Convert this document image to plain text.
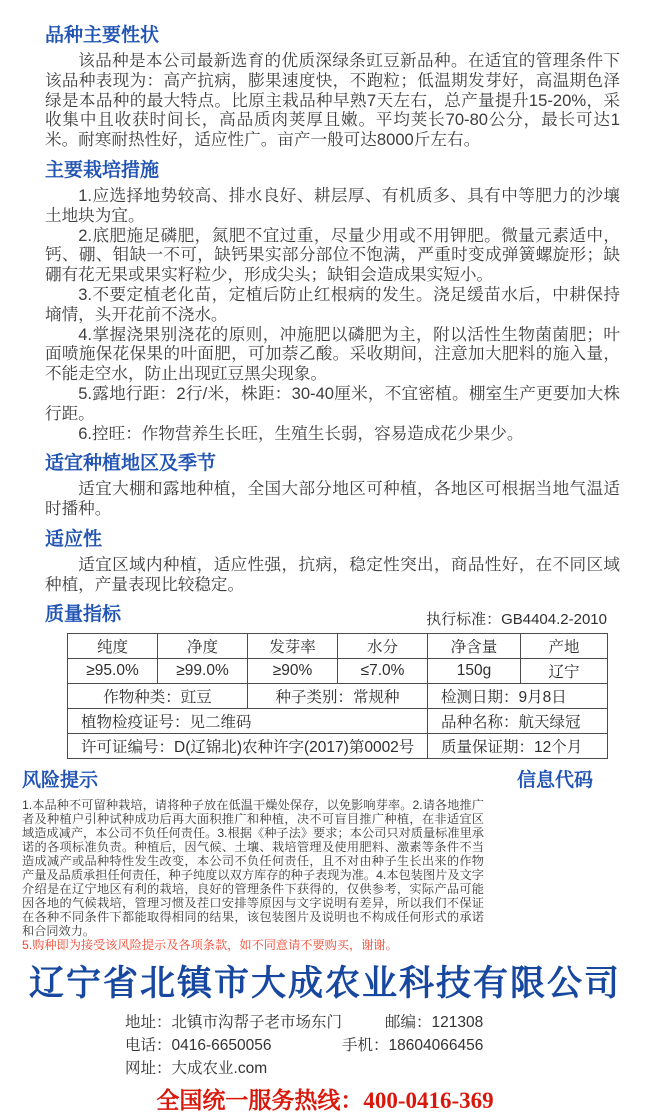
品种主要性状

该品种是本公司最新选育的优质深绿条豇豆新品种。在适宜的管理条件下该品种表现为：高产抗病，膨果速度快，不跑粒；低温期发芽好，高温期色泽绿是本品种的最大特点。比原主栽品种早熟7天左右，总产量提升15-20%，采收集中且收获时间长，高品质肉荚厚且嫩。平均荚长70-80公分，最长可达1米。耐寒耐热性好，适应性广。亩产一般可达8000斤左右。

主要栽培措施

1.应选择地势较高、排水良好、耕层厚、有机质多、具有中等肥力的沙壤土地块为宜。

2.底肥施足磷肥，氮肥不宜过重，尽量少用或不用钾肥。微量元素适中，钙、硼、钼缺一不可，缺钙果实部分部位不饱满，严重时变成弹簧螺旋形；缺硼有花无果或果实籽粒少，形成尖头；缺钼会造成果实短小。

3.不要定植老化苗，定植后防止红根病的发生。浇足缓苗水后，中耕保持墒情，头开花前不浇水。

4.掌握浇果别浇花的原则，冲施肥以磷肥为主，附以活性生物菌菌肥；叶面喷施保花保果的叶面肥，可加萘乙酸。采收期间，注意加大肥料的施入量，不能走空水，防止出现豇豆黑尖现象。

5.露地行距：2行/米，株距：30-40厘米，不宜密植。棚室生产更要加大株行距。

6.控旺：作物营养生长旺，生殖生长弱，容易造成花少果少。

适宜种植地区及季节

适宜大棚和露地种植，全国大部分地区可种植，各地区可根据当地气温适时播种。

适应性

适宜区域内种植，适应性强，抗病，稳定性突出，商品性好，在不同区域种植，产量表现比较稳定。

质量指标	执行标准：GB4404.2-2010
纯度	净度	发芽率	水分	净含量	产地
≥95.0%	≥99.0%	≥90%	≤7.0%	150g	辽宁
作物种类：豇豆		种子类别：常规种		检测日期：9月8日	
植物检疫证号：见二维码				品种名称：航天绿冠	
许可证编号：D(辽锦北)农种许字(2017)第0002号				质量保证期：12个月	
风险提示	信息代码

1.本品种不可留种栽培，请将种子放在低温干燥处保存，以免影响芽率。2.请各地推广者及种植户引种试种成功后再大面积推广和种植，决不可盲目推广种植，在非适宜区域造成减产，本公司不负任何责任。3.根据《种子法》要求；本公司只对质量标准里承诺的各项标准负责。种植后，因气候、土壤、栽培管理及使用肥料、激素等条件不当造成减产或品种特性发生改变，本公司不负任何责任，且不对由种子生长出来的作物产量及品质承担任何责任，种子纯度以双方库存的种子表现为准。4.本包装图片及文字介绍是在辽宁地区有利的栽培，良好的管理条件下获得的，仅供参考，实际产品可能因各地的气候栽培，管理习惯及茬口安排等原因与文字说明有差异，所以我们不保证在各种不同条件下都能取得相同的结果，该包装图片及说明也不构成任何形式的承诺和合同效力。

5.购种即为接受该风险提示及各项条款，如不同意请不要购买，谢谢。

辽宁省北镇市大成农业科技有限公司
地址：北镇市沟帮子老市场东门	邮编：121308
电话：0416-6650056	手机：18604066456
网址：大成农业.com
全国统一服务热线：400-0416-369
